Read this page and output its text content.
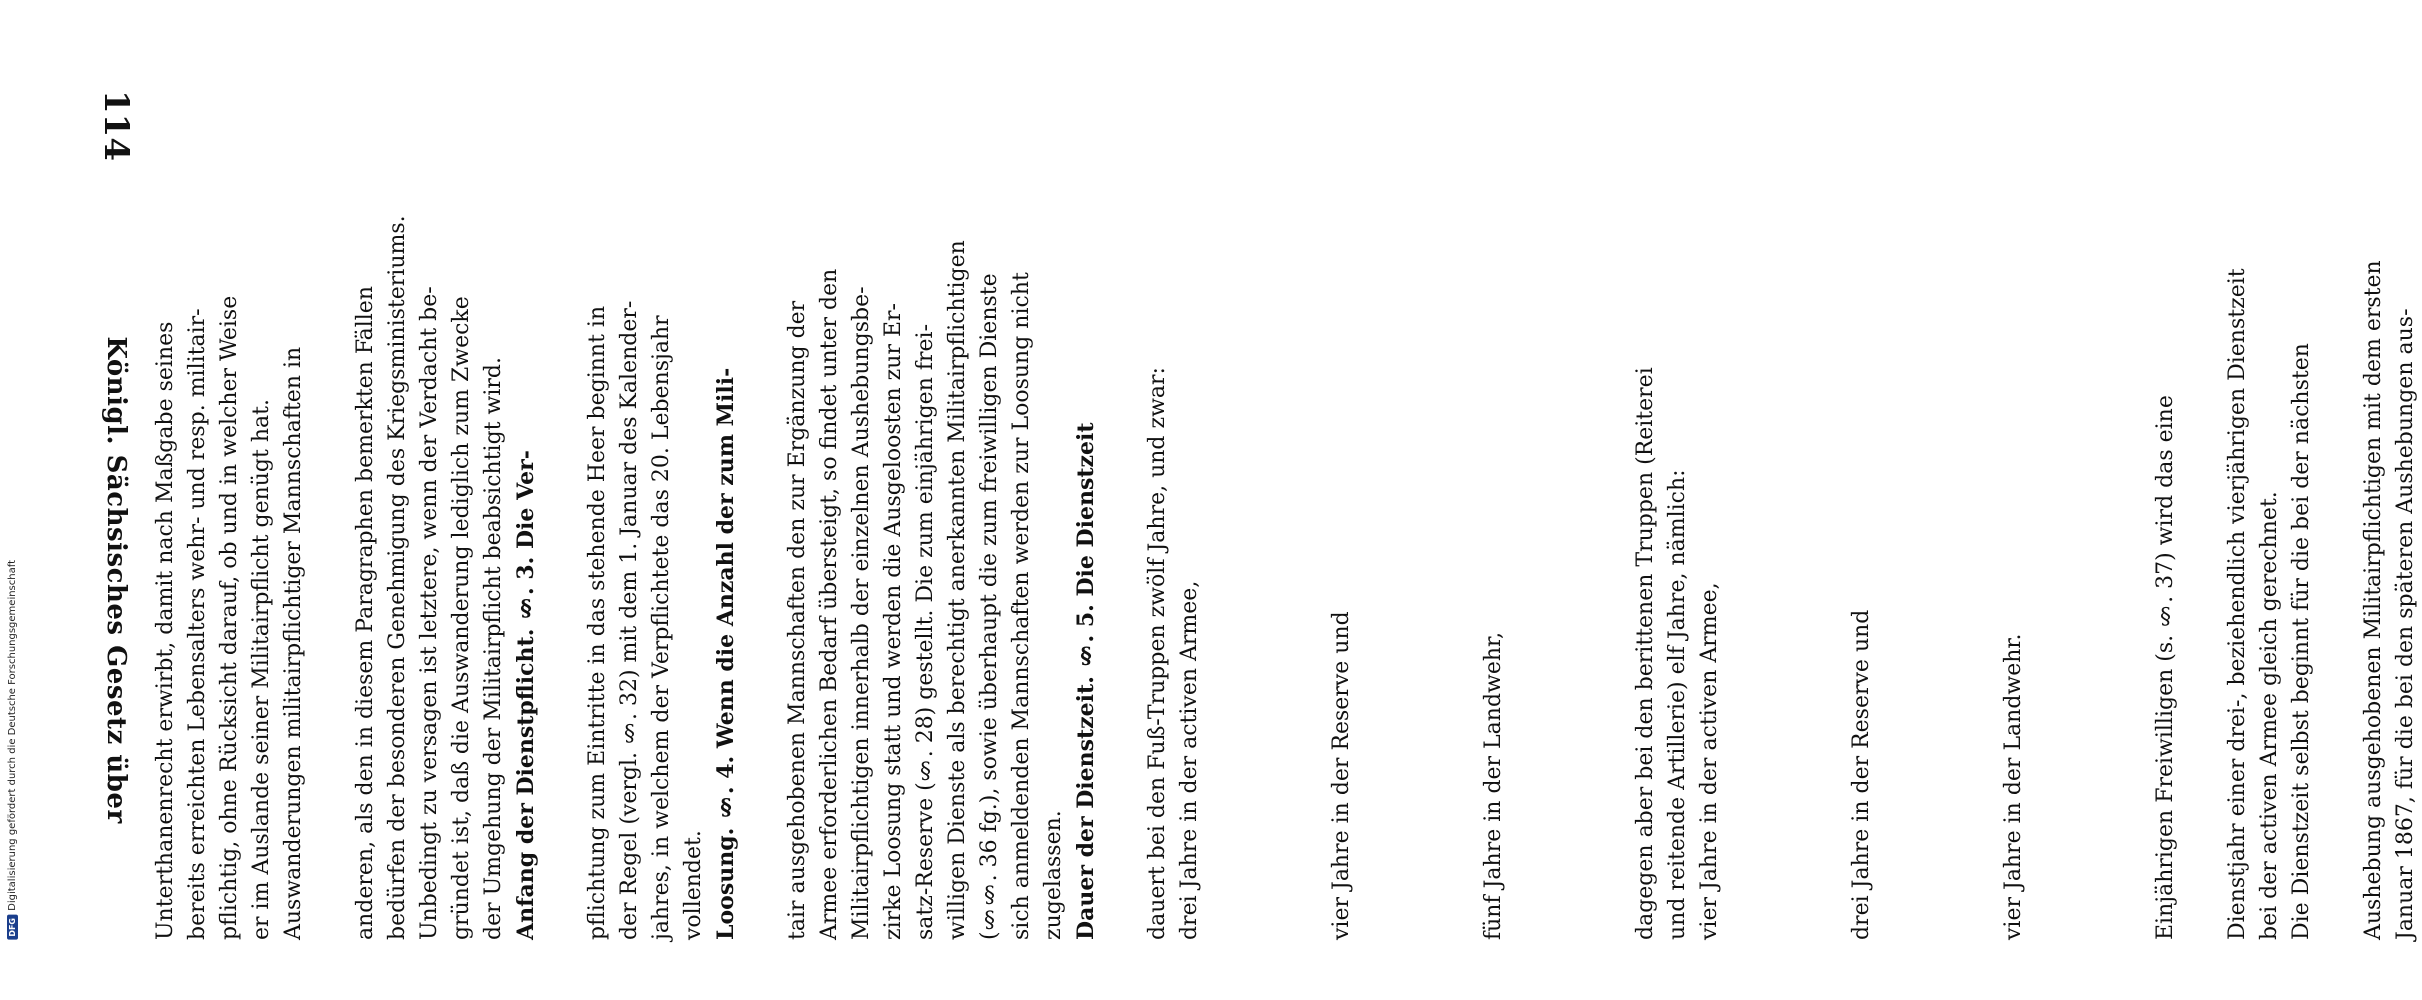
114
Königl. Sächsisches Gesetz über Unterthanenrecht erwirbt, damit nach Maßgabe seines bereits erreichten Lebensalters wehr- und resp. militair- pflichtig, ohne Rücksicht darauf, ob und in welcher Weise er im Auslande seiner Militairpflicht genügt hat. Auswanderungen militairpflichtiger Mannschaften in	anderen, als den in diesem Paragraphen bemerkten Fällen bedürfen der besonderen Genehmigung des Kriegsministeriums. Unbedingt zu versagen ist letztere, wenn der Verdacht be- gründet ist, daß die Auswanderung lediglich zum Zwecke der Umgehung der Militairpflicht beabsichtigt wird. Anfang der Dienstpflicht. §. 3. Die Ver-	pflichtung zum Eintritte in das stehende Heer beginnt in der Regel (vergl. §. 32) mit dem 1. Januar des Kalender- jahres, in welchem der Verpflichtete das 20. Lebensjahr vollendet. Loosung. §. 4. Wenn die Anzahl der zum Mili-	tair ausgehobenen Mannschaften den zur Ergänzung der Armee erforderlichen Bedarf übersteigt, so findet unter den Militairpflichtigen innerhalb der einzelnen Aushebungsbe- zirke Loosung statt und werden die Ausgeloosten zur Er- satz-Reserve (§. 28) gestellt. Die zum einjährigen frei- willigen Dienste als berechtigt anerkannten Militairpflichtigen (§§. 36 fg.), sowie überhaupt die zum freiwilligen Dienste sich anmeldenden Mannschaften werden zur Loosung nicht zugelassen. Dauer der Dienstzeit. §. 5. Die Dienstzeit	dauert bei den Fuß-Truppen zwölf Jahre, und zwar: drei Jahre in der activen Armee,	vier Jahre in der Reserve und	fünf Jahre in der Landwehr,	dagegen aber bei den berittenen Truppen (Reiterei und reitende Artillerie) elf Jahre, nämlich: vier Jahre in der activen Armee,	drei Jahre in der Reserve und	vier Jahre in der Landwehr.	Einjährigen Freiwilligen (s. §. 37) wird das eine	Dienstjahr einer drei-, beziehendlich vierjährigen Dienstzeit bei der activen Armee gleich gerechnet. Die Dienstzeit selbst beginnt für die bei der nächsten	Aushebung ausgehobenen Militairpflichtigen mit dem ersten Januar 1867, für die bei den späteren Aushebungen aus-
Digitalisierung gefördert durch die Deutsche Forschungsgemeinschaft
DFG
